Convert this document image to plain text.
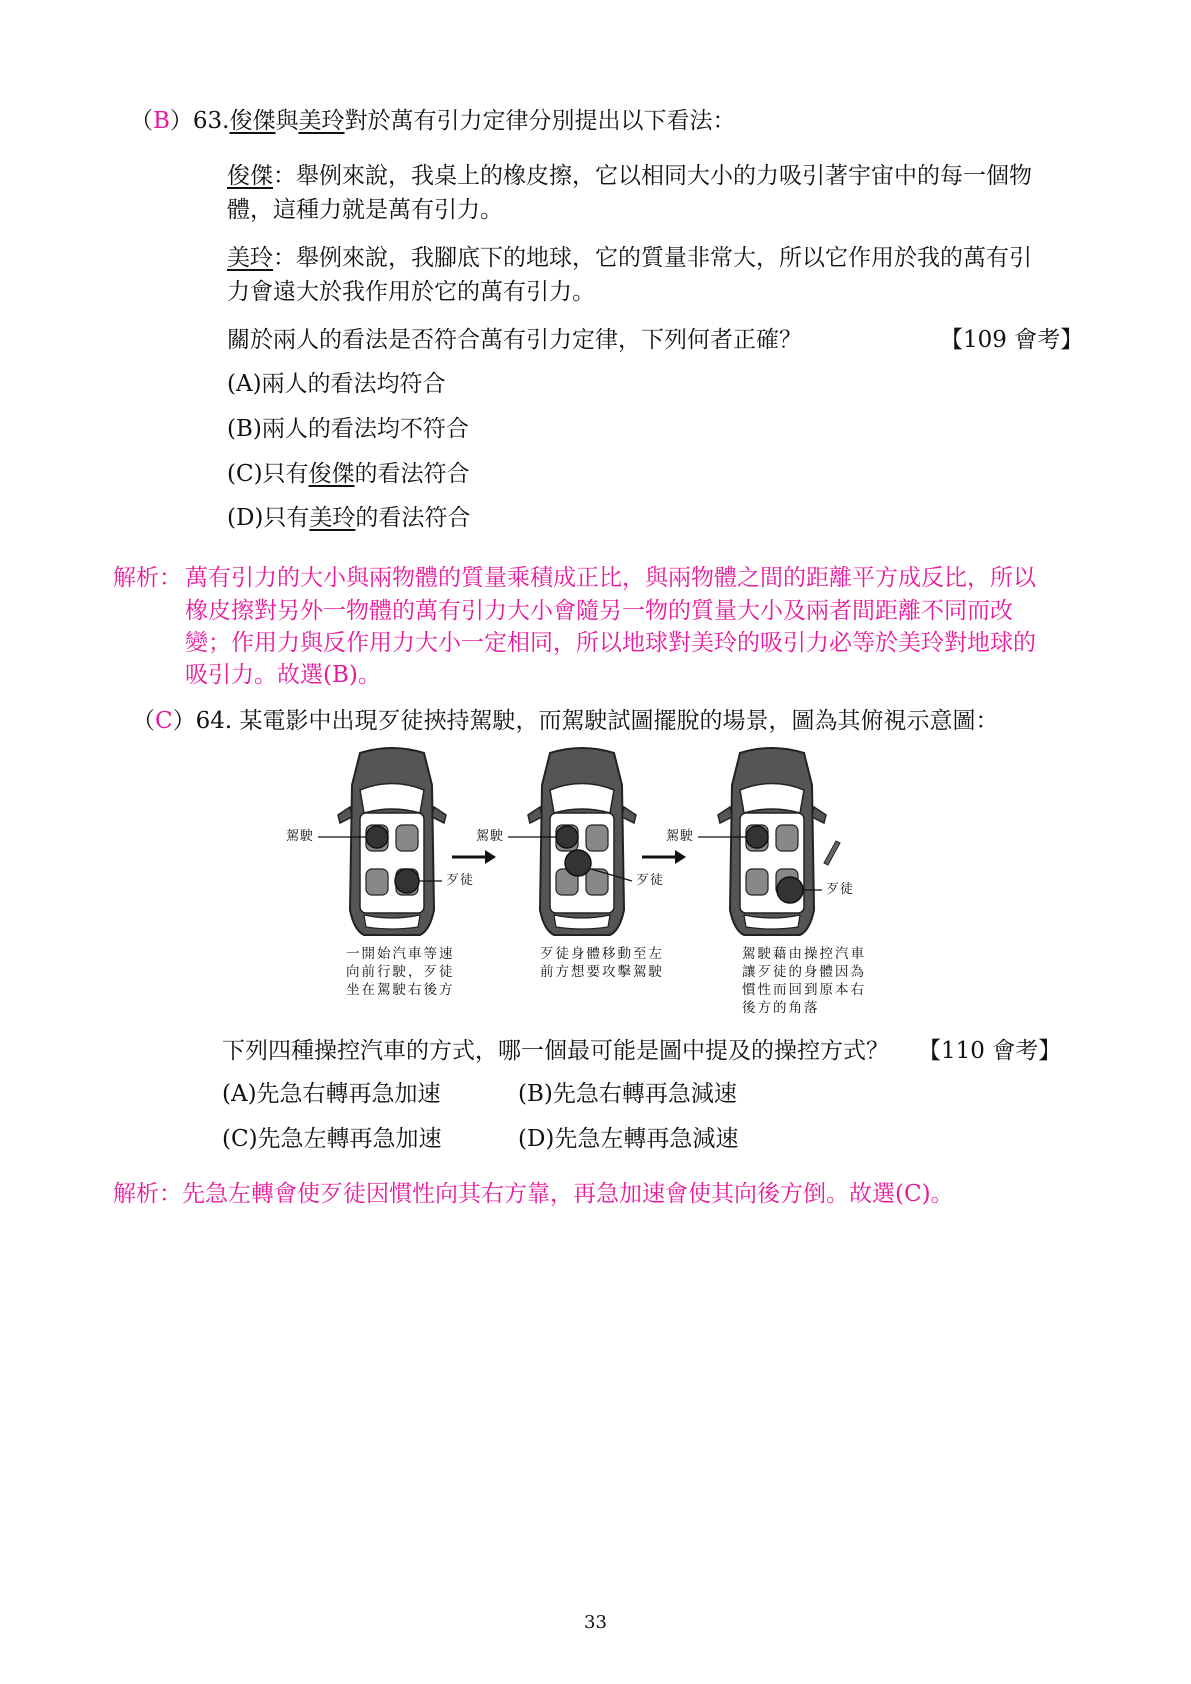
（B）63.俊傑與美玲對於萬有引力定律分別提出以下看法：
俊傑：舉例來說，我桌上的橡皮擦，它以相同大小的力吸引著宇宙中的每一個物
體，這種力就是萬有引力。
美玲：舉例來說，我腳底下的地球，它的質量非常大，所以它作用於我的萬有引
力會遠大於我作用於它的萬有引力。
關於兩人的看法是否符合萬有引力定律，下列何者正確？	【109 會考】
(A)兩人的看法均符合
(B)兩人的看法均不符合
(C)只有俊傑的看法符合
(D)只有美玲的看法符合
解析： 萬有引力的大小與兩物體的質量乘積成正比，與兩物體之間的距離平方成反比，所以
橡皮擦對另外一物體的萬有引力大小會隨另一物的質量大小及兩者間距離不同而改
變；作用力與反作用力大小一定相同，所以地球對美玲的吸引力必等於美玲對地球的
吸引力。故選(B)。
（C）64. 某電影中出現歹徒挾持駕駛，而駕駛試圖擺脫的場景，圖為其俯視示意圖：
駕駛
歹徒
駕駛
歹徒
駕駛
歹徒
一開始汽車等速
向前行駛，歹徒
坐在駕駛右後方
歹徒身體移動至左
前方想要攻擊駕駛
駕駛藉由操控汽車
讓歹徒的身體因為
慣性而回到原本右
後方的角落
下列四種操控汽車的方式，哪一個最可能是圖中提及的操控方式？ 【110 會考】
(A)先急右轉再急加速	(B)先急右轉再急減速
(C)先急左轉再急加速	(D)先急左轉再急減速
解析：先急左轉會使歹徒因慣性向其右方靠，再急加速會使其向後方倒。故選(C)。
33
